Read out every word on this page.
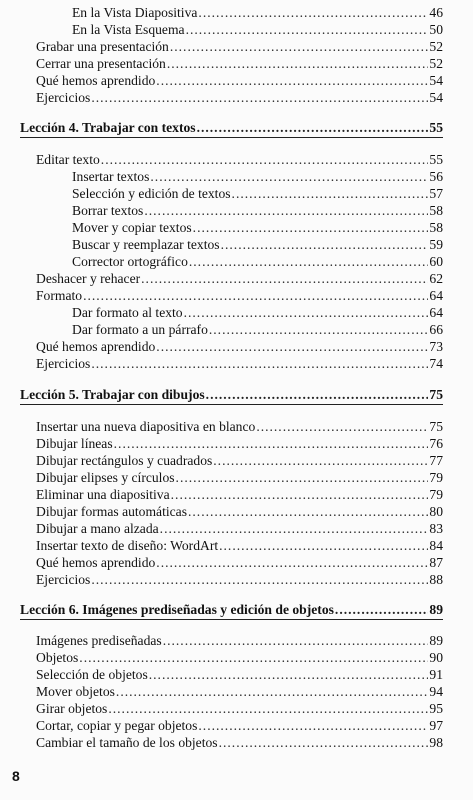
En la Vista Diapositiva .....	46
En la Vista Esquema .....	50
Grabar una presentación .....	52
Cerrar una presentación .....	52
Qué hemos aprendido .....	54
Ejercicios .....	54
Lección 4. Trabajar con textos .....	55
Editar texto .....	55
Insertar textos .....	56
Selección y edición de textos .....	57
Borrar textos .....	58
Mover y copiar textos .....	58
Buscar y reemplazar textos .....	59
Corrector ortográfico .....	60
Deshacer y rehacer .....	62
Formato .....	64
Dar formato al texto .....	64
Dar formato a un párrafo .....	66
Qué hemos aprendido .....	73
Ejercicios .....	74
Lección 5. Trabajar con dibujos .....	75
Insertar una nueva diapositiva en blanco .....	75
Dibujar líneas .....	76
Dibujar rectángulos y cuadrados .....	77
Dibujar elipses y círculos .....	79
Eliminar una diapositiva .....	79
Dibujar formas automáticas .....	80
Dibujar a mano alzada .....	83
Insertar texto de diseño: WordArt .....	84
Qué hemos aprendido .....	87
Ejercicios .....	88
Lección 6. Imágenes prediseñadas y edición de objetos .....	89
Imágenes prediseñadas .....	89
Objetos .....	90
Selección de objetos .....	91
Mover objetos .....	94
Girar objetos .....	95
Cortar, copiar y pegar objetos .....	97
Cambiar el tamaño de los objetos .....	98
8
